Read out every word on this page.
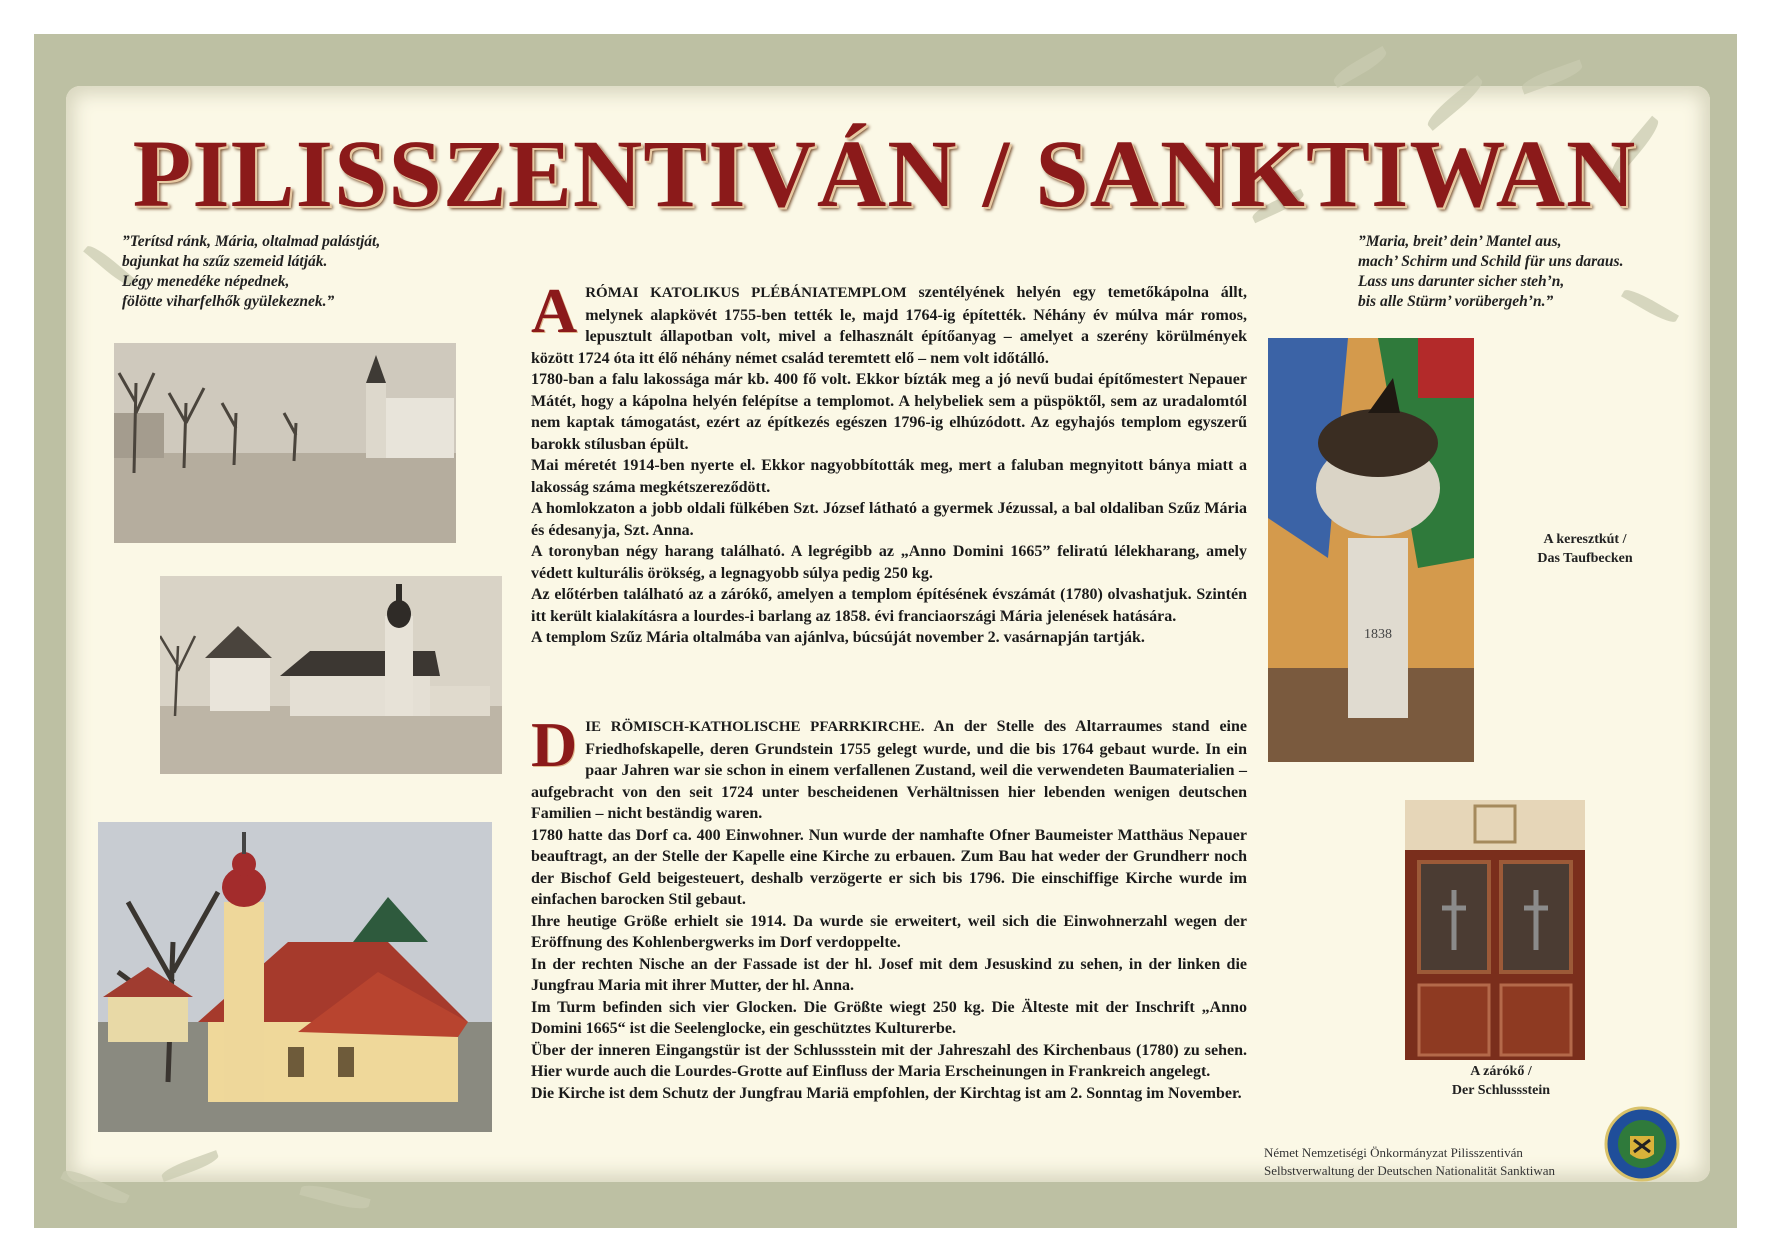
PILISSZENTIVÁN / SANKTIWAN
”Terítsd ránk, Mária, oltalmad palástját,
bajunkat ha szűz szemeid látják.
Légy menedéke népednek,
fölötte viharfelhők gyülekeznek.”
”Maria, breit’ dein’ Mantel aus,
mach’ Schirm und Schild für uns daraus.
Lass uns darunter sicher steh’n,
bis alle Stürm’ vorübergeh’n.”
1838
A keresztkút /
Das Taufbecken
A zárókő /
Der Schlussstein
A RÓMAI KATOLIKUS PLÉBÁNIATEMPLOM szentélyének helyén egy temetőkápolna állt, melynek alapkövét 1755-ben tették le, majd 1764-ig építették. Néhány év múlva már romos, lepusztult állapotban volt, mivel a felhasznált építőanyag – amelyet a szerény körülmények között 1724 óta itt élő néhány német család teremtett elő – nem volt időtálló.

1780-ban a falu lakossága már kb. 400 fő volt. Ekkor bízták meg a jó nevű budai építőmestert Nepauer Mátét, hogy a kápolna helyén felépítse a templomot. A helybeliek sem a püspöktől, sem az uradalomtól nem kaptak támogatást, ezért az építkezés egészen 1796-ig elhúzódott. Az egyhajós templom egyszerű barokk stílusban épült.

Mai méretét 1914-ben nyerte el. Ekkor nagyobbították meg, mert a faluban megnyitott bánya miatt a lakosság száma megkétszereződött.

A homlokzaton a jobb oldali fülkében Szt. József látható a gyermek Jézussal, a bal oldaliban Szűz Mária és édesanyja, Szt. Anna.

A toronyban négy harang található. A legrégibb az „Anno Domini 1665” feliratú lélekharang, amely védett kulturális örökség, a legnagyobb súlya pedig 250 kg.

Az előtérben található az a zárókő, amelyen a templom építésének évszámát (1780) olvashatjuk. Szintén itt került kialakításra a lourdes-i barlang az 1858. évi franciaországi Mária jelenések hatására.

A templom Szűz Mária oltalmába van ajánlva, búcsúját november 2. vasárnapján tartják.

D IE RÖMISCH-KATHOLISCHE PFARRKIRCHE. An der Stelle des Altarraumes stand eine Friedhofskapelle, deren Grundstein 1755 gelegt wurde, und die bis 1764 gebaut wurde. In ein paar Jahren war sie schon in einem verfallenen Zustand, weil die verwendeten Baumaterialien – aufgebracht von den seit 1724 unter bescheidenen Verhältnissen hier lebenden wenigen deutschen Familien – nicht beständig waren.

1780 hatte das Dorf ca. 400 Einwohner. Nun wurde der namhafte Ofner Baumeister Matthäus Nepauer beauftragt, an der Stelle der Kapelle eine Kirche zu erbauen. Zum Bau hat weder der Grundherr noch der Bischof Geld beigesteuert, deshalb verzögerte er sich bis 1796. Die einschiffige Kirche wurde im einfachen barocken Stil gebaut.

Ihre heutige Größe erhielt sie 1914. Da wurde sie erweitert, weil sich die Einwohnerzahl wegen der Eröffnung des Kohlenbergwerks im Dorf verdoppelte.

In der rechten Nische an der Fassade ist der hl. Josef mit dem Jesuskind zu sehen, in der linken die Jungfrau Maria mit ihrer Mutter, der hl. Anna.

Im Turm befinden sich vier Glocken. Die Größte wiegt 250 kg. Die Älteste mit der Inschrift „Anno Domini 1665“ ist die Seelenglocke, ein geschütztes Kulturerbe.

Über der inneren Eingangstür ist der Schlussstein mit der Jahreszahl des Kirchenbaus (1780) zu sehen. Hier wurde auch die Lourdes-Grotte auf Einfluss der Maria Erscheinungen in Frankreich angelegt.

Die Kirche ist dem Schutz der Jungfrau Mariä empfohlen, der Kirchtag ist am 2. Sonntag im November.

Német Nemzetiségi Önkormányzat Pilisszentiván
Selbstverwaltung der Deutschen Nationalität Sanktiwan
